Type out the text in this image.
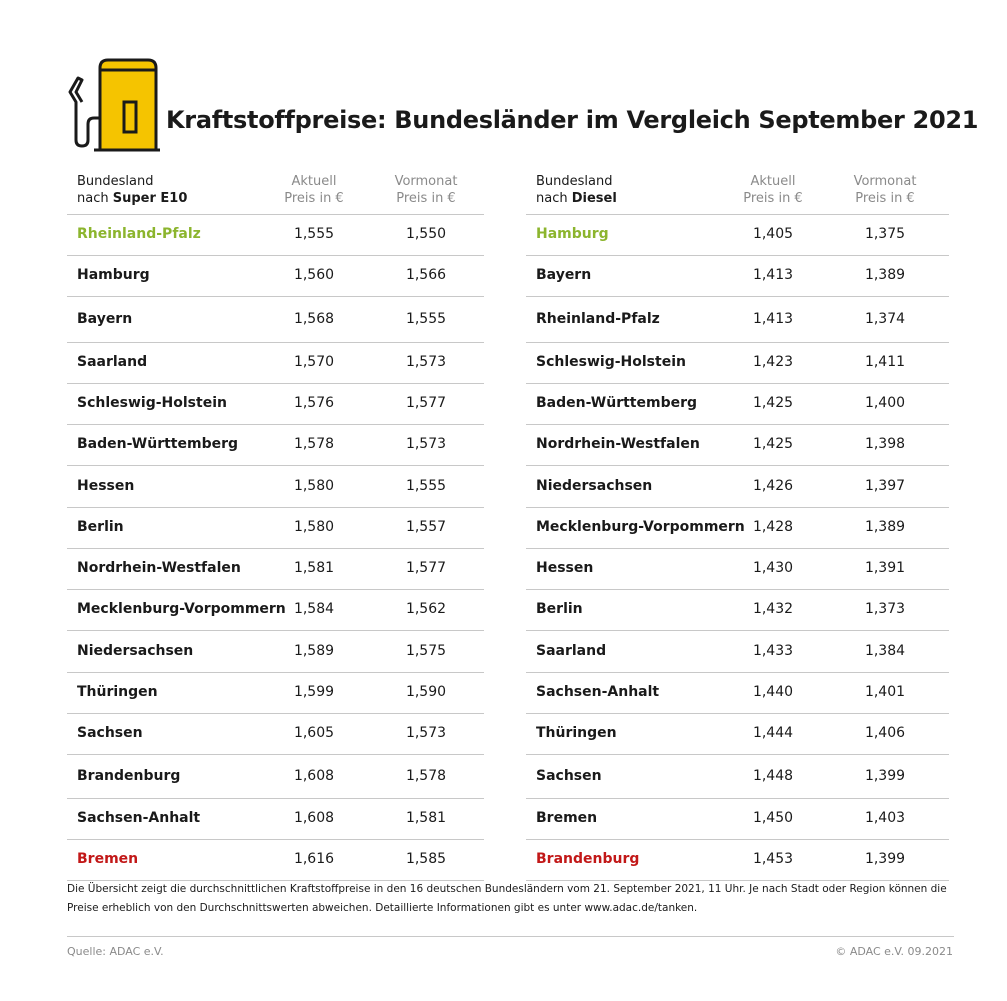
Kraftstoffpreise: Bundesländer im Vergleich September 2021
Bundesland
nach Super E10
Aktuell
Preis in €
Vormonat
Preis in €
Rheinland-Pfalz	1,555	1,550
Hamburg	1,560	1,566
Bayern	1,568	1,555
Saarland	1,570	1,573
Schleswig-Holstein	1,576	1,577
Baden-Württemberg	1,578	1,573
Hessen	1,580	1,555
Berlin	1,580	1,557
Nordrhein-Westfalen	1,581	1,577
Mecklenburg-Vorpommern 1,584	1,562
Niedersachsen	1,589	1,575
Thüringen	1,599	1,590
Sachsen	1,605	1,573
Brandenburg	1,608	1,578
Sachsen-Anhalt	1,608	1,581
Bremen	1,616	1,585
Bundesland
nach Diesel
Aktuell
Preis in €
Vormonat
Preis in €
Hamburg	1,405	1,375
Bayern	1,413	1,389
Rheinland-Pfalz	1,413	1,374
Schleswig-Holstein	1,423	1,411
Baden-Württemberg	1,425	1,400
Nordrhein-Westfalen	1,425	1,398
Niedersachsen	1,426	1,397
Mecklenburg-Vorpommern 1,428	1,389
Hessen	1,430	1,391
Berlin	1,432	1,373
Saarland	1,433	1,384
Sachsen-Anhalt	1,440	1,401
Thüringen	1,444	1,406
Sachsen	1,448	1,399
Bremen	1,450	1,403
Brandenburg	1,453	1,399
Die Übersicht zeigt die durchschnittlichen Kraftstoffpreise in den 16 deutschen Bundesländern vom 21. September 2021, 11 Uhr. Je nach Stadt oder Region können die Preise erheblich von den Durchschnittswerten abweichen. Detaillierte Informationen gibt es unter www.adac.de/tanken.
Quelle: ADAC e.V.	© ADAC e.V. 09.2021
